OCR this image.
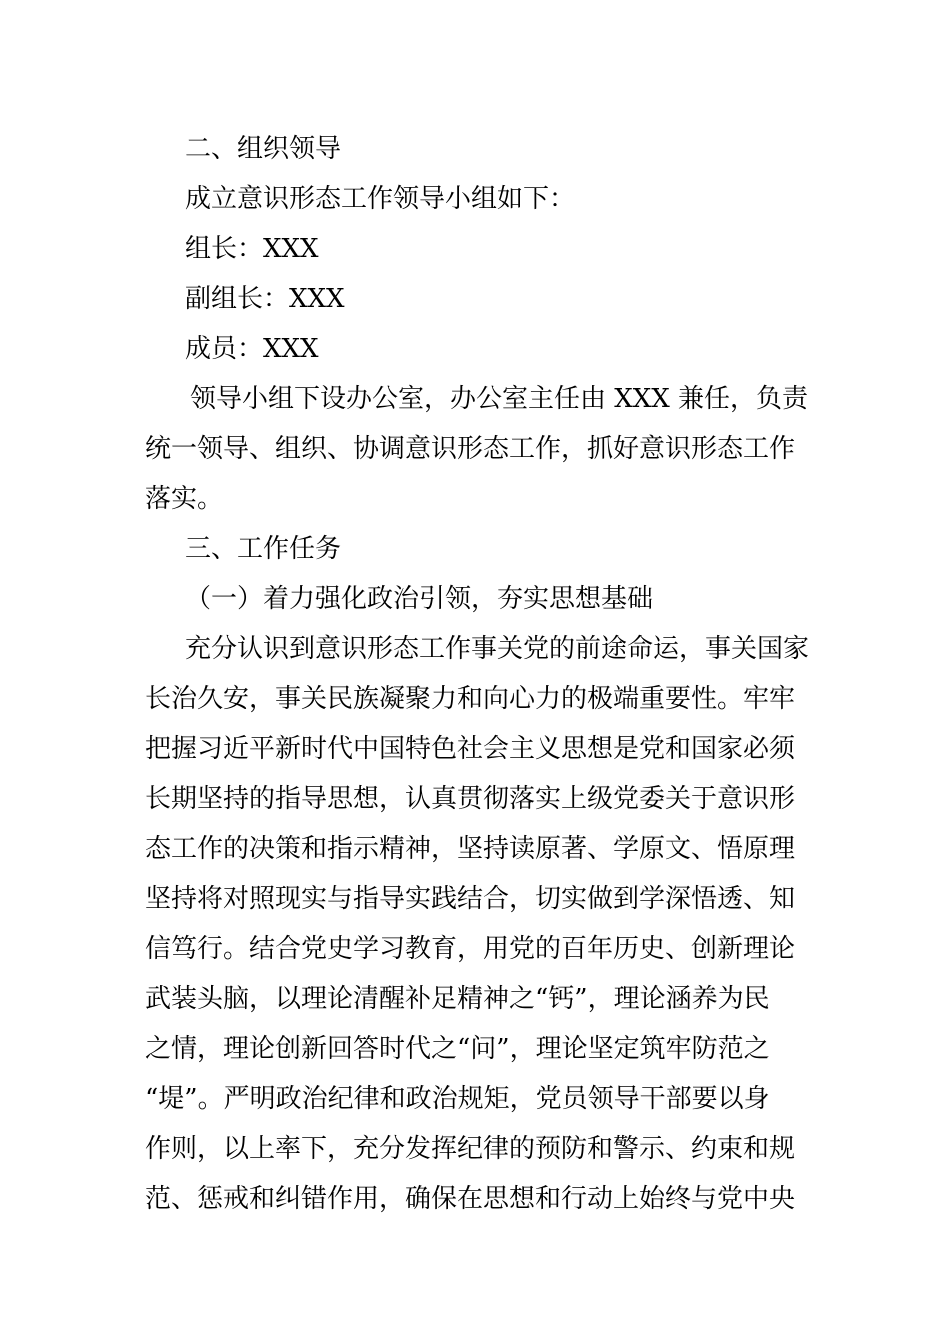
二、组织领导
成立意识形态工作领导小组如下：
组长：XXX
副组长：XXX
成员：XXX
领导小组下设办公室，办公室主任由 XXX 兼任，负责
统一领导、组织、协调意识形态工作，抓好意识形态工作
落实。
三、工作任务
（一）着力强化政治引领，夯实思想基础
充分认识到意识形态工作事关党的前途命运，事关国家
长治久安，事关民族凝聚力和向心力的极端重要性。牢牢
把握习近平新时代中国特色社会主义思想是党和国家必须
长期坚持的指导思想，认真贯彻落实上级党委关于意识形
态工作的决策和指示精神，坚持读原著、学原文、悟原理
坚持将对照现实与指导实践结合，切实做到学深悟透、知
信笃行。结合党史学习教育，用党的百年历史、创新理论
武装头脑，以理论清醒补足精神之“钙”，理论涵养为民
之情，理论创新回答时代之“问”，理论坚定筑牢防范之
“堤”。严明政治纪律和政治规矩，党员领导干部要以身
作则，以上率下，充分发挥纪律的预防和警示、约束和规
范、惩戒和纠错作用，确保在思想和行动上始终与党中央
